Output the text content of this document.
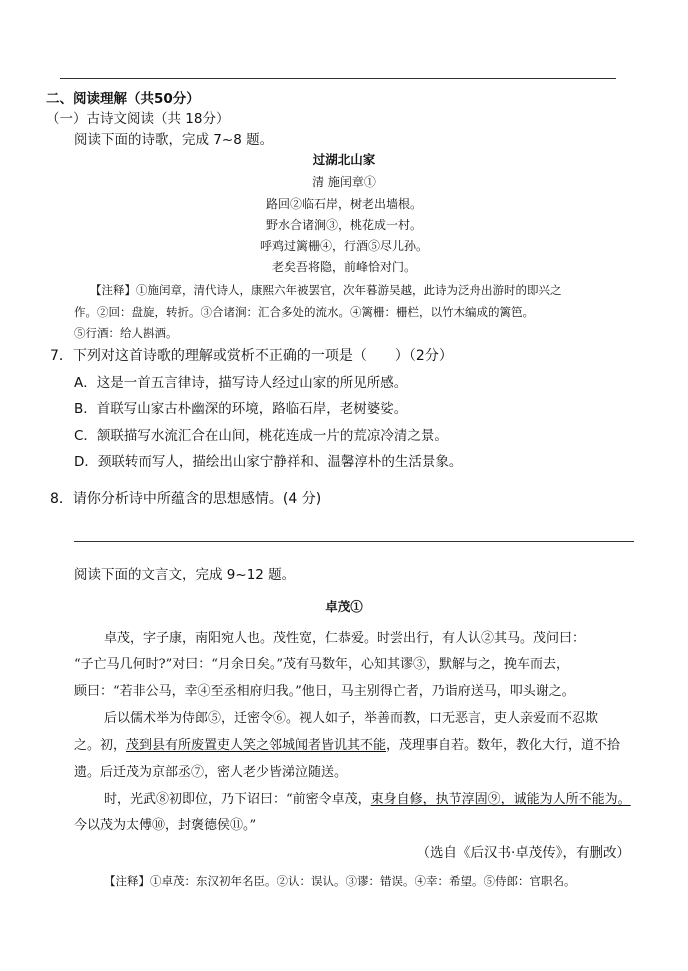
二、阅读理解（共50分）
（一）古诗文阅读（共 18分）
阅读下面的诗歌，完成 7~8 题。
过湖北山家
清 施闰章①
路回②临石岸，树老出墙根。
野水合诸涧③，桃花成一村。
呼鸡过篱栅④，行酒⑤尽儿孙。
老矣吾将隐，前峰恰对门。
【注释】①施闰章，清代诗人，康熙六年被罢官，次年暮游吴越，此诗为泛舟出游时的即兴之
作。②回：盘旋，转折。③合诸涧：汇合多处的流水。④篱栅：栅栏，以竹木编成的篱笆。
⑤行酒：给人斟酒。
7．下列对这首诗歌的理解或赏析不正确的一项是（　　）（2分）
A．这是一首五言律诗，描写诗人经过山家的所见所感。
B．首联写山家古朴幽深的环境，路临石岸，老树婆娑。
C．颔联描写水流汇合在山间，桃花连成一片的荒凉冷清之景。
D．颈联转而写人，描绘出山家宁静祥和、温馨淳朴的生活景象。
8．请你分析诗中所蕴含的思想感情。(4 分)
阅读下面的文言文，完成 9~12 题。
卓茂①
卓茂，字子康，南阳宛人也。茂性宽，仁恭爱。时尝出行，有人认②其马。茂问曰：
“子亡马几何时?”对曰：“月余日矣。”茂有马数年，心知其谬③，默解与之，挽车而去，
顾曰：“若非公马，幸④至丞相府归我。”他日，马主别得亡者，乃诣府送马，叩头谢之。
后以儒术举为侍郎⑤，迁密令⑥。视人如子，举善而教，口无恶言，吏人亲爱而不忍欺
之。初，茂到县有所废置吏人笑之邻城闻者皆讥其不能，茂理事自若。数年，教化大行，道不拾
遗。后迁茂为京部丞⑦，密人老少皆涕泣随送。
时，光武⑧初即位，乃下诏曰：“前密令卓茂，束身自修，执节淳固⑨，诚能为人所不能为。
今以茂为太傅⑩，封褒德侯⑪。”
（选自《后汉书·卓茂传》，有删改）
【注释】①卓茂：东汉初年名臣。②认：误认。③谬：错误。④幸：希望。⑤侍郎：官职名。
